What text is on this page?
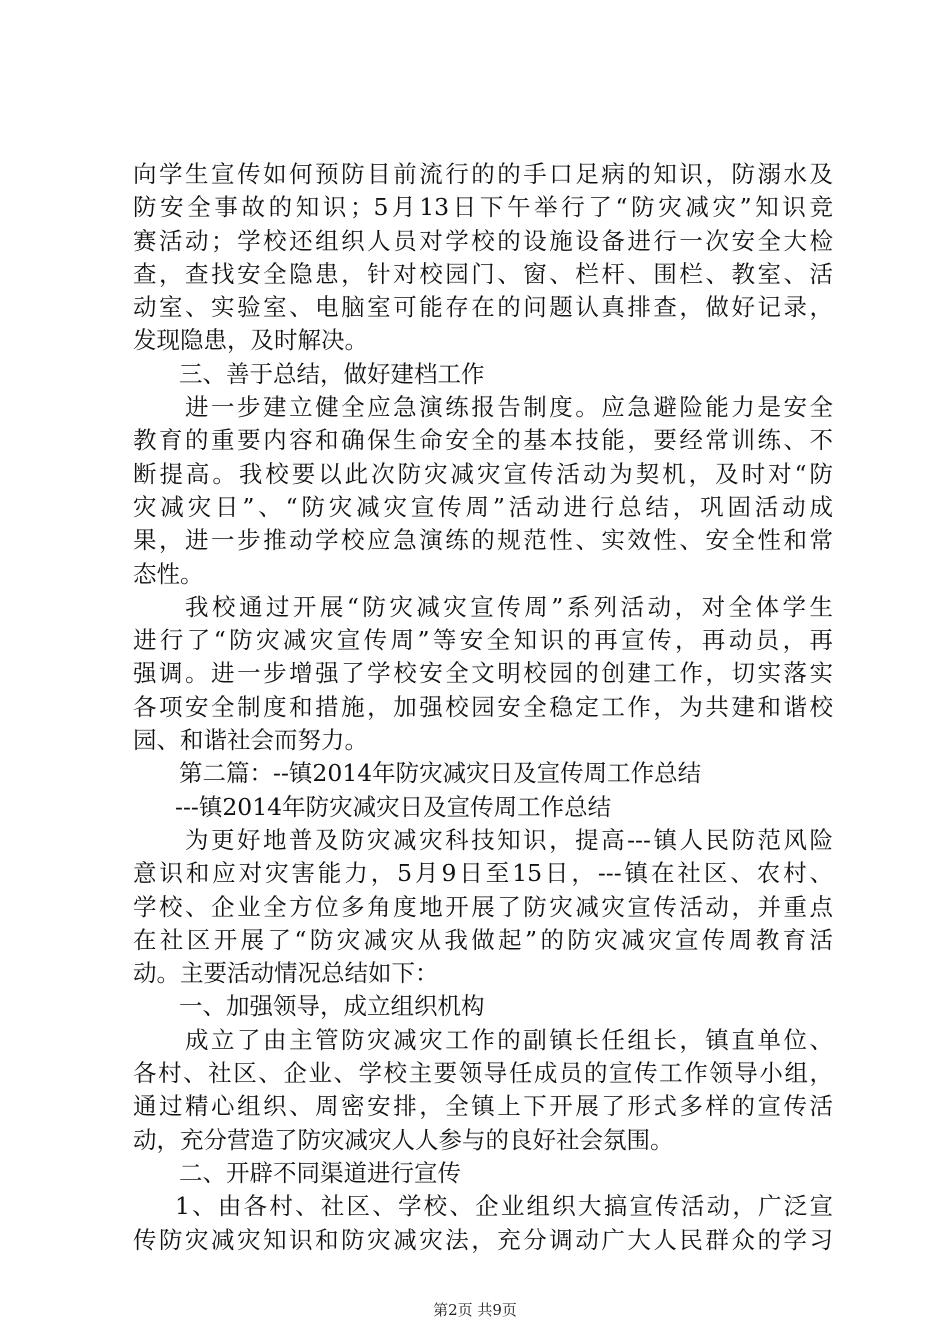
向学生宣传如何预防目前流行的的手口足病的知识，防溺水及
防安全事故的知识；5月13日下午举行了“防灾减灾”知识竞
赛活动；学校还组织人员对学校的设施设备进行一次安全大检
查，查找安全隐患，针对校园门、窗、栏杆、围栏、教室、活
动室、实验室、电脑室可能存在的问题认真排查，做好记录，
发现隐患，及时解决。
三、善于总结，做好建档工作
进一步建立健全应急演练报告制度。应急避险能力是安全
教育的重要内容和确保生命安全的基本技能，要经常训练、不
断提高。我校要以此次防灾减灾宣传活动为契机，及时对“防
灾减灾日”、“防灾减灾宣传周”活动进行总结，巩固活动成
果，进一步推动学校应急演练的规范性、实效性、安全性和常
态性。
我校通过开展“防灾减灾宣传周”系列活动，对全体学生
进行了“防灾减灾宣传周”等安全知识的再宣传，再动员，再
强调。进一步增强了学校安全文明校园的创建工作，切实落实
各项安全制度和措施，加强校园安全稳定工作，为共建和谐校
园、和谐社会而努力。
第二篇：--镇2014年防灾减灾日及宣传周工作总结
---镇2014年防灾减灾日及宣传周工作总结
为更好地普及防灾减灾科技知识，提高---镇人民防范风险
意识和应对灾害能力，5月9日至15日，---镇在社区、农村、
学校、企业全方位多角度地开展了防灾减灾宣传活动，并重点
在社区开展了“防灾减灾从我做起”的防灾减灾宣传周教育活
动。主要活动情况总结如下：
一、加强领导，成立组织机构
成立了由主管防灾减灾工作的副镇长任组长，镇直单位、
各村、社区、企业、学校主要领导任成员的宣传工作领导小组，
通过精心组织、周密安排，全镇上下开展了形式多样的宣传活
动，充分营造了防灾减灾人人参与的良好社会氛围。
二、开辟不同渠道进行宣传
1、由各村、社区、学校、企业组织大搞宣传活动，广泛宣
传防灾减灾知识和防灾减灾法，充分调动广大人民群众的学习
第2页 共9页
